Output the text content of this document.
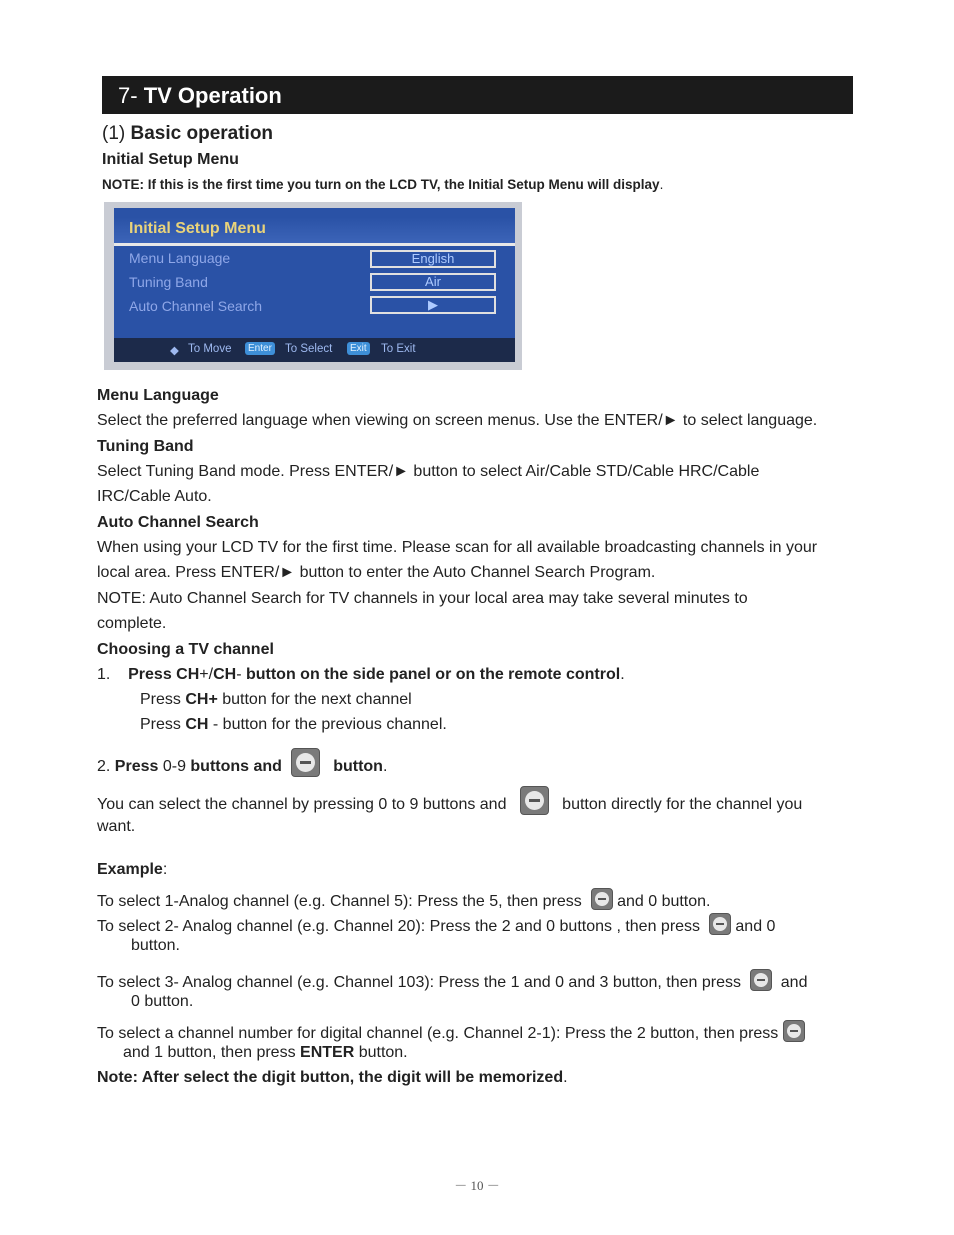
7- TV Operation
(1) Basic operation
Initial Setup Menu
NOTE: If this is the first time you turn on the LCD TV, the Initial Setup Menu will display.
Initial Setup Menu
Menu Language	English
Tuning Band	Air
Auto Channel Search	▶
◆ To Move	Enter To Select	Exit To Exit
Menu Language
Select the preferred language when viewing on screen menus. Use the ENTER/► to select language.
Tuning Band
Select Tuning Band mode. Press ENTER/► button to select Air/Cable STD/Cable HRC/Cable
IRC/Cable Auto.
Auto Channel Search
When using your LCD TV for the first time. Please scan for all available broadcasting channels in your
local area. Press ENTER/► button to enter the Auto Channel Search Program.
NOTE: Auto Channel Search for TV channels in your local area may take several minutes to
complete.
Choosing a TV channel
1. Press CH+/CH- button on the side panel or on the remote control.
Press CH+ button for the next channel
Press CH - button for the previous channel.
2. Press 0-9 buttons and	button.
You can select the channel by pressing 0 to 9 buttons and	button directly for the channel you
want.
Example:
To select 1-Analog channel (e.g. Channel 5): Press the 5, then press and 0 button.
To select 2- Analog channel (e.g. Channel 20): Press the 2 and 0 buttons , then press and 0
button.
To select 3- Analog channel (e.g. Channel 103): Press the 1 and 0 and 3 button, then press and
0 button.
To select a channel number for digital channel (e.g. Channel 2-1): Press the 2 button, then press
and 1 button, then press ENTER button.
Note: After select the digit button, the digit will be memorized.
－ 10 －
